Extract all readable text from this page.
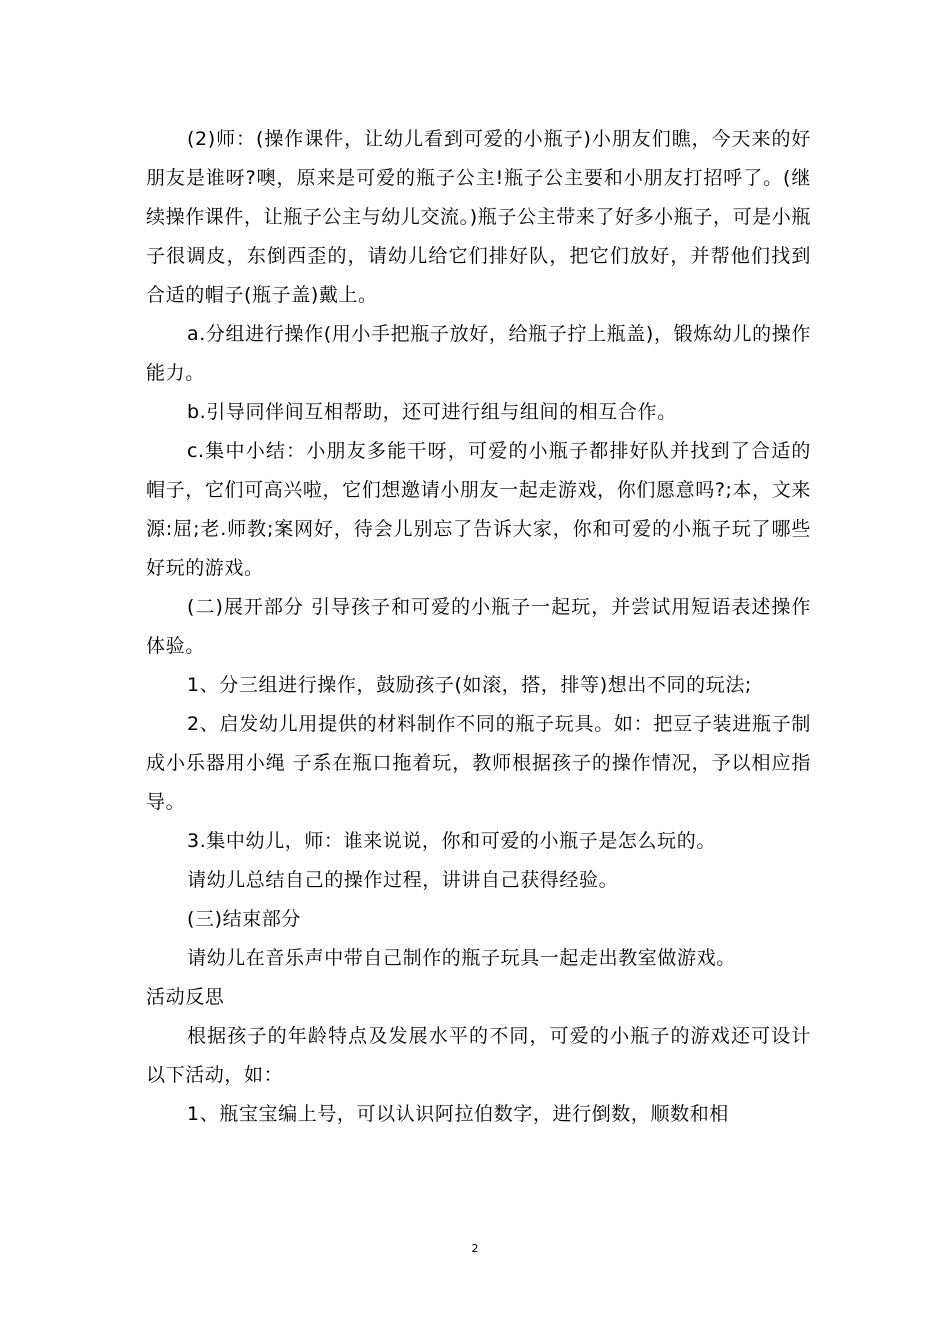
(2)师：(操作课件，让幼儿看到可爱的小瓶子)小朋友们瞧，今天来的好朋友是谁呀?噢，原来是可爱的瓶子公主!瓶子公主要和小朋友打招呼了。(继续操作课件，让瓶子公主与幼儿交流。)瓶子公主带来了好多小瓶子，可是小瓶子很调皮，东倒西歪的，请幼儿给它们排好队，把它们放好，并帮他们找到合适的帽子(瓶子盖)戴上。

a.分组进行操作(用小手把瓶子放好，给瓶子拧上瓶盖)，锻炼幼儿的操作能力。

b.引导同伴间互相帮助，还可进行组与组间的相互合作。

c.集中小结：小朋友多能干呀，可爱的小瓶子都排好队并找到了合适的帽子，它们可高兴啦，它们想邀请小朋友一起走游戏，你们愿意吗?;本，文来源:屈;老.师教;案网好，待会儿别忘了告诉大家，你和可爱的小瓶子玩了哪些好玩的游戏。

(二)展开部分 引导孩子和可爱的小瓶子一起玩，并尝试用短语表述操作体验。

1、分三组进行操作，鼓励孩子(如滚，搭，排等)想出不同的玩法;

2、启发幼儿用提供的材料制作不同的瓶子玩具。如：把豆子装进瓶子制成小乐器用小绳 子系在瓶口拖着玩，教师根据孩子的操作情况，予以相应指导。

3.集中幼儿，师：谁来说说，你和可爱的小瓶子是怎么玩的。

请幼儿总结自己的操作过程，讲讲自己获得经验。

(三)结束部分

请幼儿在音乐声中带自己制作的瓶子玩具一起走出教室做游戏。

活动反思

根据孩子的年龄特点及发展水平的不同，可爱的小瓶子的游戏还可设计以下活动，如：

1、瓶宝宝编上号，可以认识阿拉伯数字，进行倒数，顺数和相

2
